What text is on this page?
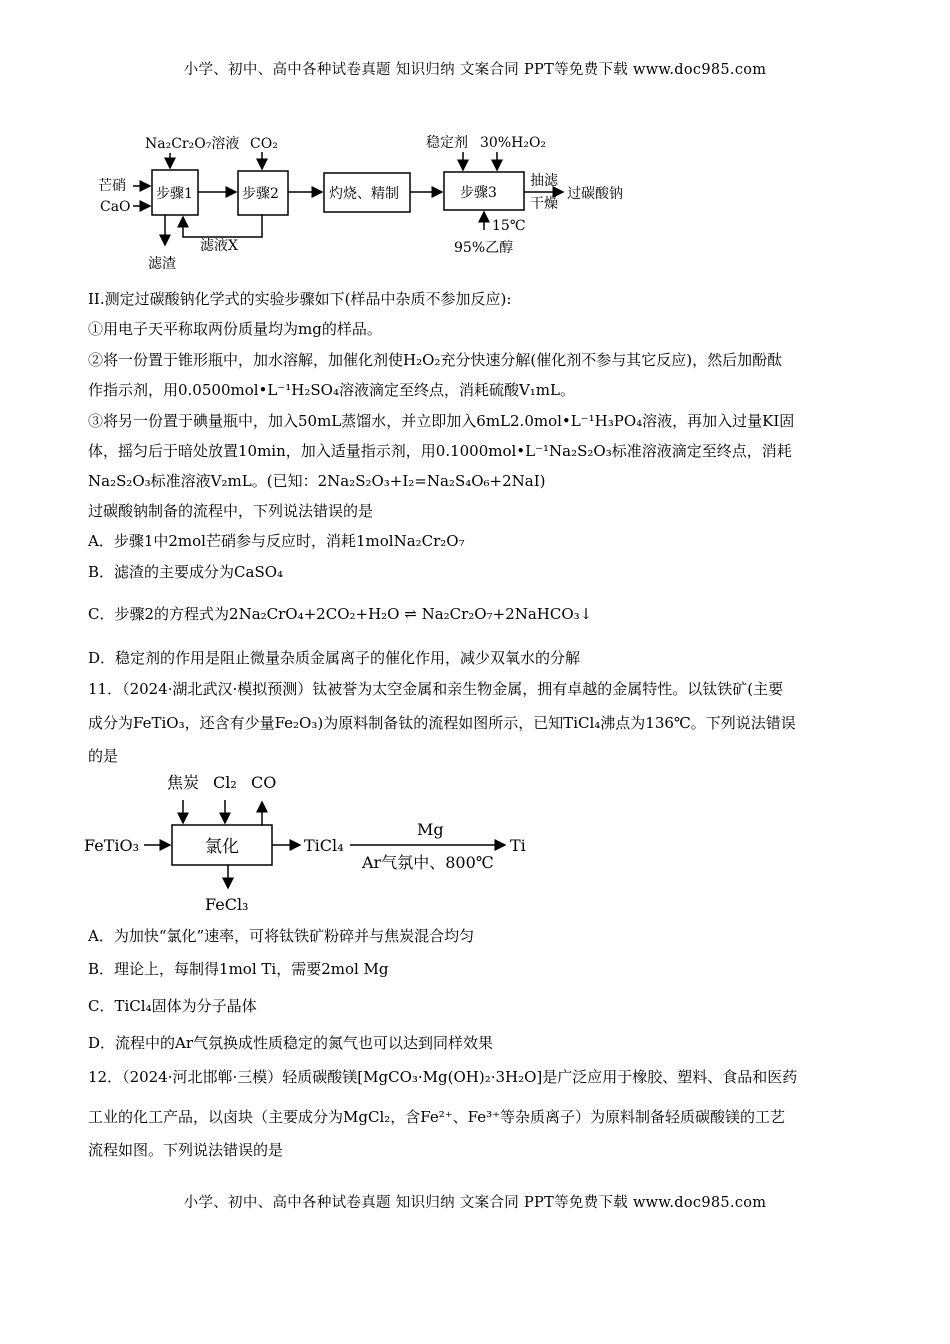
小学、初中、高中各种试卷真题 知识归纳 文案合同 PPT等免费下载 www.doc985.com
Na₂Cr₂O₇溶液
芒硝
CaO
步骤1
CO₂
步骤2	灼烧、精制
稳定剂 30%H₂O₂
步骤3
抽滤
干燥
过碳酸钠
滤渣
滤液X
15℃
95%乙醇
II.测定过碳酸钠化学式的实验步骤如下(样品中杂质不参加反应):
①用电子天平称取两份质量均为mg的样品。
②将一份置于锥形瓶中，加水溶解，加催化剂使H₂O₂充分快速分解(催化剂不参与其它反应)，然后加酚酞
作指示剂，用0.0500mol•L⁻¹H₂SO₄溶液滴定至终点，消耗硫酸V₁mL。
③将另一份置于碘量瓶中，加入50mL蒸馏水，并立即加入6mL2.0mol•L⁻¹H₃PO₄溶液，再加入过量KI固
体，摇匀后于暗处放置10min，加入适量指示剂，用0.1000mol•L⁻¹Na₂S₂O₃标准溶液滴定至终点，消耗
Na₂S₂O₃标准溶液V₂mL。(已知：2Na₂S₂O₃+I₂=Na₂S₄O₆+2NaI)
过碳酸钠制备的流程中，下列说法错误的是
A．步骤1中2mol芒硝参与反应时，消耗1molNa₂Cr₂O₇
B．滤渣的主要成分为CaSO₄
C．步骤2的方程式为2Na₂CrO₄+2CO₂+H₂O ⇌ Na₂Cr₂O₇+2NaHCO₃↓
D．稳定剂的作用是阻止微量杂质金属离子的催化作用，减少双氧水的分解
11．（2024·湖北武汉·模拟预测）钛被誉为太空金属和亲生物金属，拥有卓越的金属特性。以钛铁矿(主要
成分为FeTiO₃，还含有少量Fe₂O₃)为原料制备钛的流程如图所示，已知TiCl₄沸点为136℃。下列说法错误
的是
焦炭 Cl₂ CO
FeTiO₃	氯化	TiCl₄
Mg
Ti
Ar气氛中、800℃
FeCl₃
A．为加快“氯化”速率，可将钛铁矿粉碎并与焦炭混合均匀
B．理论上，每制得1mol Ti，需要2mol Mg
C．TiCl₄固体为分子晶体
D．流程中的Ar气氛换成性质稳定的氮气也可以达到同样效果
12．（2024·河北邯郸·三模）轻质碳酸镁[MgCO₃·Mg(OH)₂·3H₂O]是广泛应用于橡胶、塑料、食品和医药
工业的化工产品，以卤块（主要成分为MgCl₂，含Fe²⁺、Fe³⁺等杂质离子）为原料制备轻质碳酸镁的工艺
流程如图。下列说法错误的是
小学、初中、高中各种试卷真题 知识归纳 文案合同 PPT等免费下载 www.doc985.com
